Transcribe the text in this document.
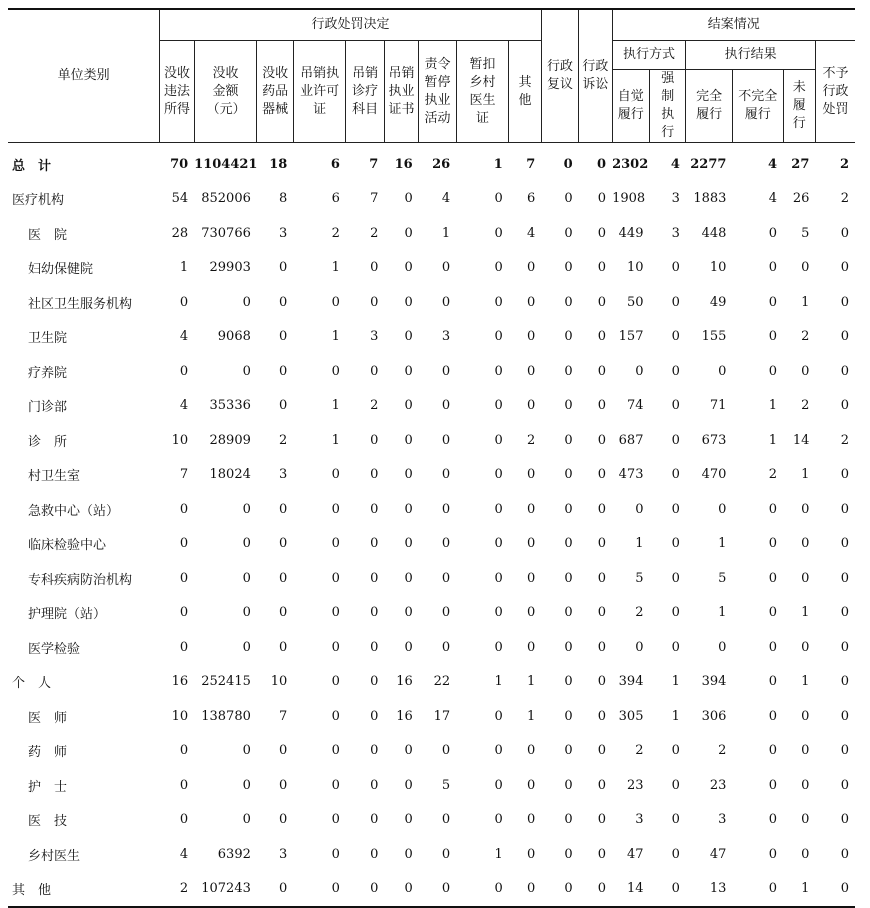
单位类别	行政处罚决定									行政复议	行政诉讼	结案情况					
	没收违法所得	没收金额（元）	没收药品器械	吊销执业许可证	吊销诊疗科目	吊销执业证书	责令暂停执业活动	暂扣乡村医生证	其他			执行方式		执行结果			不予行政处罚
												自觉履行	强制执行	完全履行	不完全履行	未履行	
总　计	70	1104421	18	6	7	16	26	1	7	0	0	2302	4	2277	4	27	2
医疗机构	54	852006	8	6	7	0	4	0	6	0	0	1908	3	1883	4	26	2
医　院	28	730766	3	2	2	0	1	0	4	0	0	449	3	448	0	5	0
妇幼保健院	1	29903	0	1	0	0	0	0	0	0	0	10	0	10	0	0	0
社区卫生服务机构	0	0	0	0	0	0	0	0	0	0	0	50	0	49	0	1	0
卫生院	4	9068	0	1	3	0	3	0	0	0	0	157	0	155	0	2	0
疗养院	0	0	0	0	0	0	0	0	0	0	0	0	0	0	0	0	0
门诊部	4	35336	0	1	2	0	0	0	0	0	0	74	0	71	1	2	0
诊　所	10	28909	2	1	0	0	0	0	2	0	0	687	0	673	1	14	2
村卫生室	7	18024	3	0	0	0	0	0	0	0	0	473	0	470	2	1	0
急救中心（站）	0	0	0	0	0	0	0	0	0	0	0	0	0	0	0	0	0
临床检验中心	0	0	0	0	0	0	0	0	0	0	0	1	0	1	0	0	0
专科疾病防治机构	0	0	0	0	0	0	0	0	0	0	0	5	0	5	0	0	0
护理院（站）	0	0	0	0	0	0	0	0	0	0	0	2	0	1	0	1	0
医学检验	0	0	0	0	0	0	0	0	0	0	0	0	0	0	0	0	0
个　人	16	252415	10	0	0	16	22	1	1	0	0	394	1	394	0	1	0
医　师	10	138780	7	0	0	16	17	0	1	0	0	305	1	306	0	0	0
药　师	0	0	0	0	0	0	0	0	0	0	0	2	0	2	0	0	0
护　士	0	0	0	0	0	0	5	0	0	0	0	23	0	23	0	0	0
医　技	0	0	0	0	0	0	0	0	0	0	0	3	0	3	0	0	0
乡村医生	4	6392	3	0	0	0	0	1	0	0	0	47	0	47	0	0	0
其　他	2	107243	0	0	0	0	0	0	0	0	0	14	0	13	0	1	0
